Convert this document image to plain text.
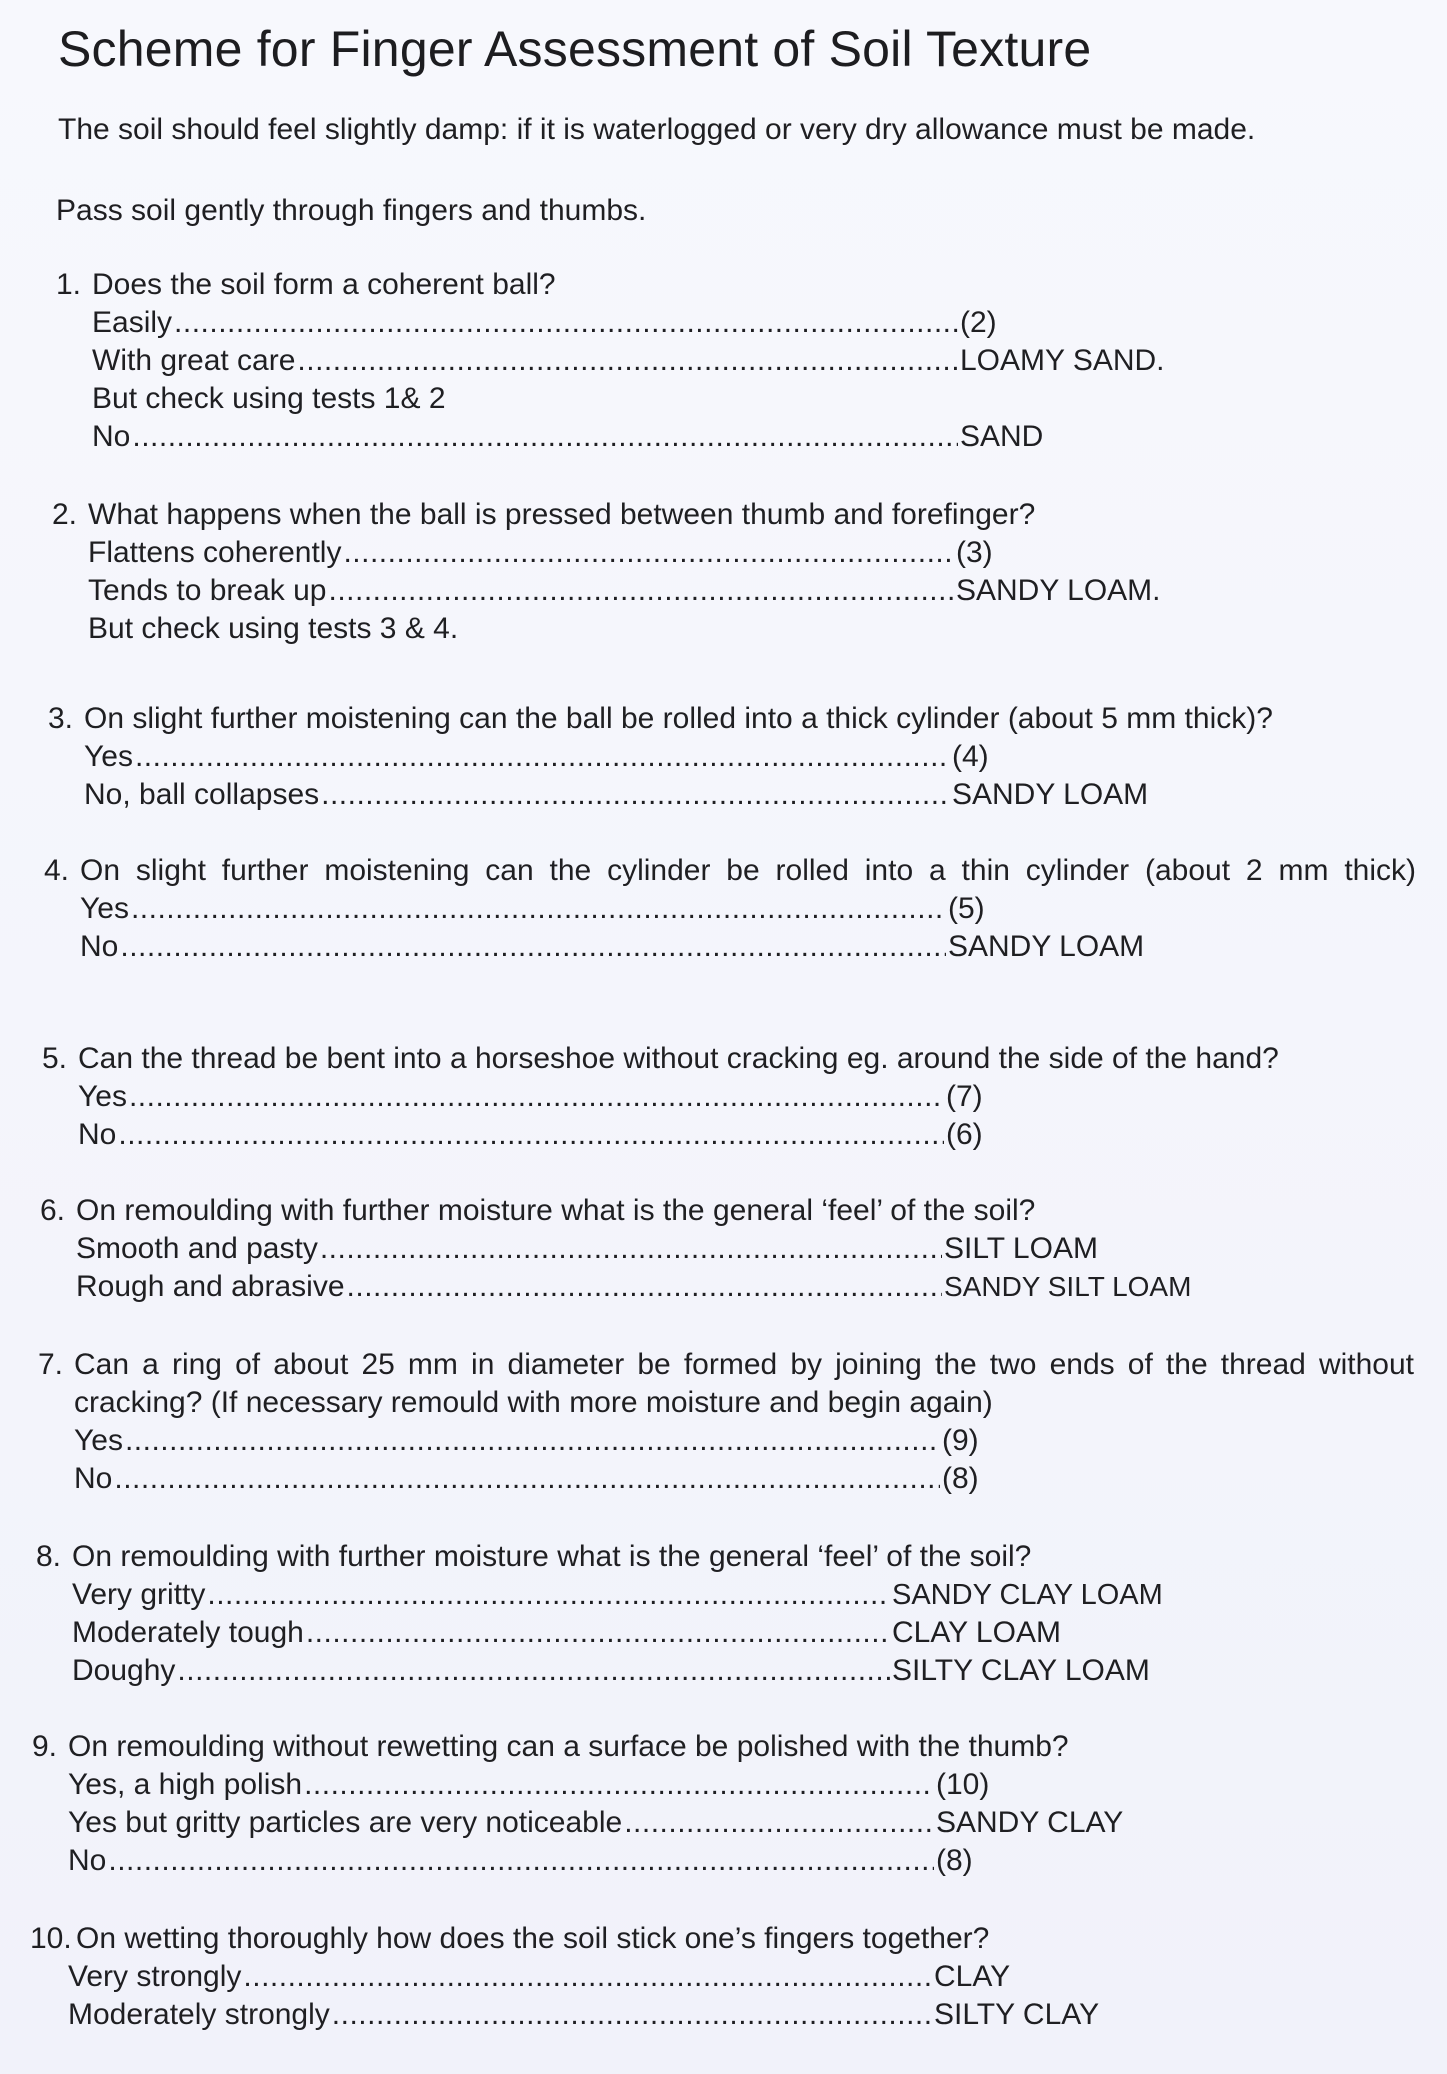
Scheme for Finger Assessment of Soil Texture

The soil should feel slightly damp: if it is waterlogged or very dry allowance must be made.

Pass soil gently through fingers and thumbs.

1. Does the soil form a coherent ball?
Easily .....	(2)
With great care .....	LOAMY SAND.
But check using tests 1& 2
No .....	SAND
2. What happens when the ball is pressed between thumb and forefinger?
Flattens coherently .....	(3)
Tends to break up .....	SANDY LOAM.
But check using tests 3 & 4.
3. On slight further moistening can the ball be rolled into a thick cylinder (about 5 mm thick)?
Yes .....	(4)
No, ball collapses .....	SANDY LOAM
4. On slight further moistening can the cylinder be rolled into a thin cylinder (about 2 mm thick)
Yes .....	(5)
No .....	SANDY LOAM
5. Can the thread be bent into a horseshoe without cracking eg. around the side of the hand?
Yes .....	(7)
No .....	(6)
6. On remoulding with further moisture what is the general ‘feel’ of the soil?
Smooth and pasty .....	SILT LOAM
Rough and abrasive .....	SANDY SILT LOAM
7. Can a ring of about 25 mm in diameter be formed by joining the two ends of the thread without cracking? (If necessary remould with more moisture and begin again)
Yes .....	(9)
No .....	(8)
8. On remoulding with further moisture what is the general ‘feel’ of the soil?
Very gritty .....	SANDY CLAY LOAM
Moderately tough .....	CLAY LOAM
Doughy .....	SILTY CLAY LOAM
9. On remoulding without rewetting can a surface be polished with the thumb?
Yes, a high polish .....	(10)
Yes but gritty particles are very noticeable .....	SANDY CLAY
No .....	(8)
10. On wetting thoroughly how does the soil stick one’s fingers together?
Very strongly .....	CLAY
Moderately strongly .....	SILTY CLAY
